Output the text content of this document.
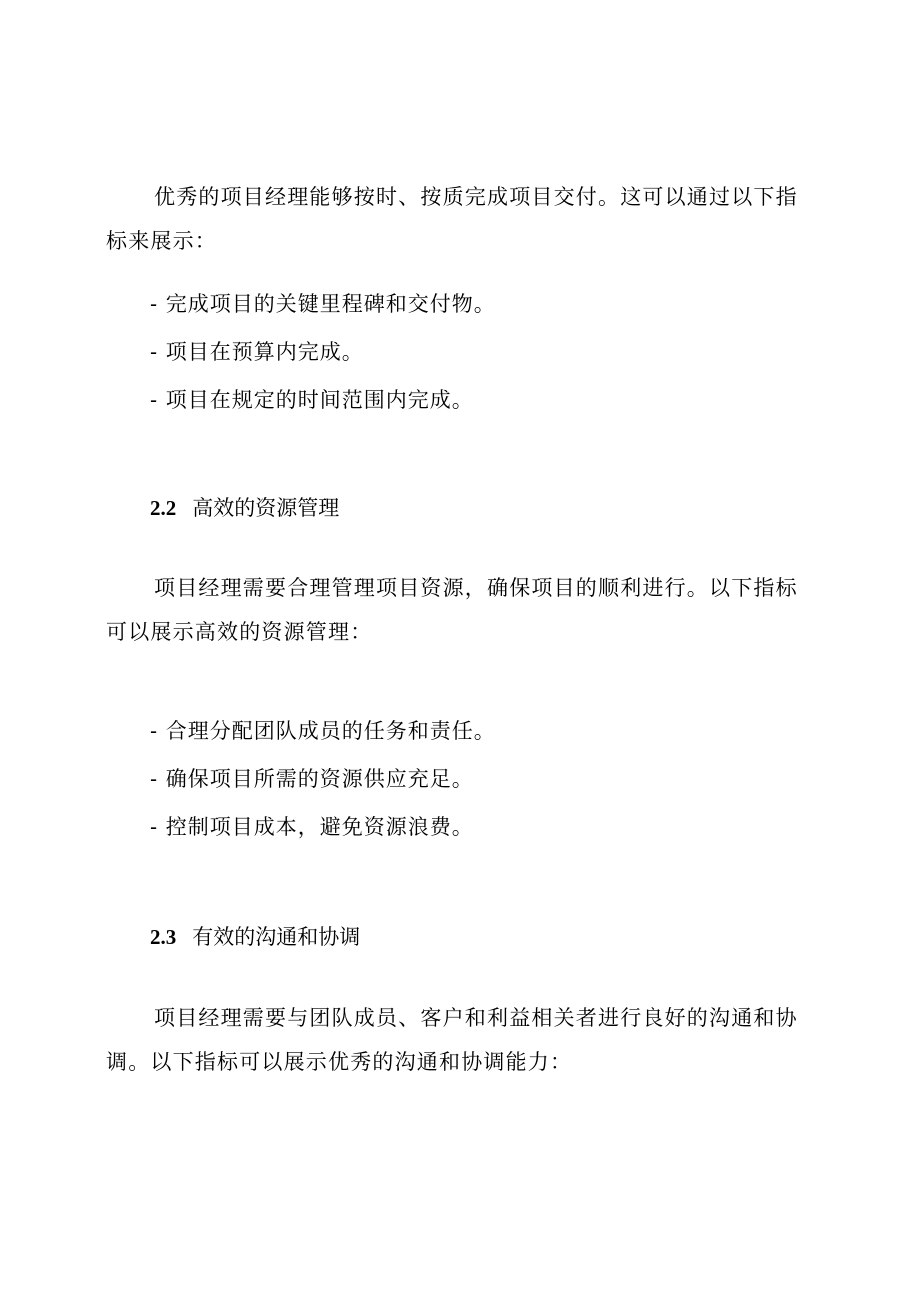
优秀的项目经理能够按时、按质完成项目交付。这可以通过以下指标来展示：

- 完成项目的关键里程碑和交付物。
- 项目在预算内完成。
- 项目在规定的时间范围内完成。
2.2 高效的资源管理

项目经理需要合理管理项目资源，确保项目的顺利进行。以下指标可以展示高效的资源管理：

- 合理分配团队成员的任务和责任。
- 确保项目所需的资源供应充足。
- 控制项目成本，避免资源浪费。
2.3 有效的沟通和协调

项目经理需要与团队成员、客户和利益相关者进行良好的沟通和协调。以下指标可以展示优秀的沟通和协调能力：
